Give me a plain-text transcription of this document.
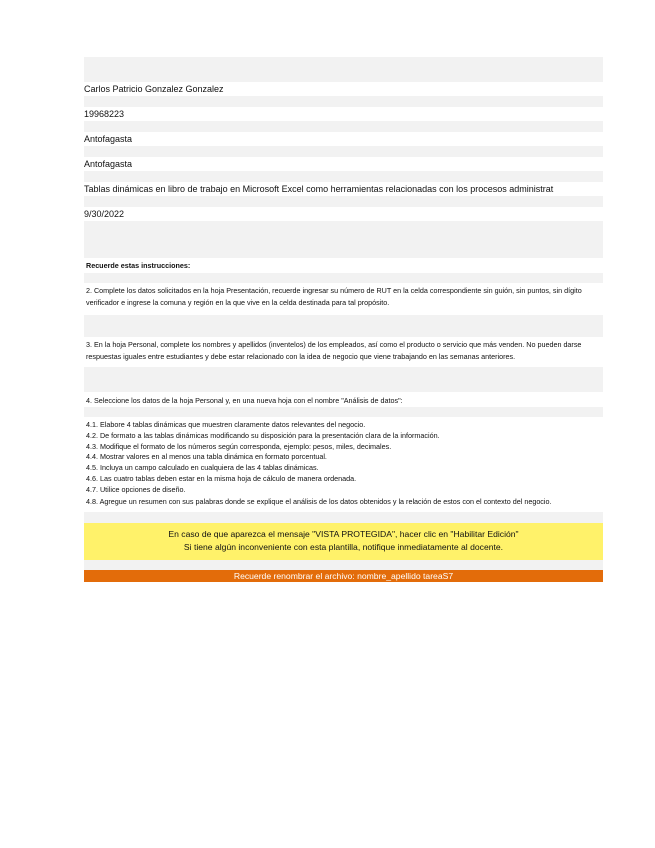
Carlos Patricio Gonzalez Gonzalez
19968223
Antofagasta
Antofagasta
Tablas dinámicas en libro de trabajo en Microsoft Excel como herramientas relacionadas con los procesos administrat
9/30/2022
Recuerde estas instrucciones:
2. Complete los datos solicitados en la hoja Presentación, recuerde ingresar su número de RUT en la celda correspondiente sin guión, sin puntos, sin dígito verificador e ingrese la comuna y región en la que vive en la celda destinada para tal propósito.
3. En la hoja Personal, complete los nombres y apellidos (inventelos) de los empleados, así como el producto o servicio que más venden. No pueden darse respuestas iguales entre estudiantes y debe estar relacionado con la idea de negocio que viene trabajando en las semanas anteriores.
4. Seleccione los datos de la hoja Personal y, en una nueva hoja con el nombre "Análisis de datos":
4.1. Elabore 4 tablas dinámicas que muestren claramente datos relevantes del negocio.
4.2. De formato a las tablas dinámicas modificando su disposición para la presentación clara de la información.
4.3. Modifique el formato de los números según corresponda, ejemplo: pesos, miles, decimales.
4.4. Mostrar valores en al menos una tabla dinámica en formato porcentual.
4.5. Incluya un campo calculado en cualquiera de las 4 tablas dinámicas.
4.6. Las cuatro tablas deben estar en la misma hoja de cálculo de manera ordenada.
4.7. Utilice opciones de diseño.
4.8. Agregue un resumen con sus palabras donde se explique el análisis de los datos obtenidos y la relación de estos con el contexto del negocio.
En caso de que aparezca el mensaje "VISTA PROTEGIDA", hacer clic en "Habilitar Edición"
Si tiene algún inconveniente con esta plantilla, notifique inmediatamente al docente.
Recuerde renombrar el archivo: nombre_apellido tareaS7
